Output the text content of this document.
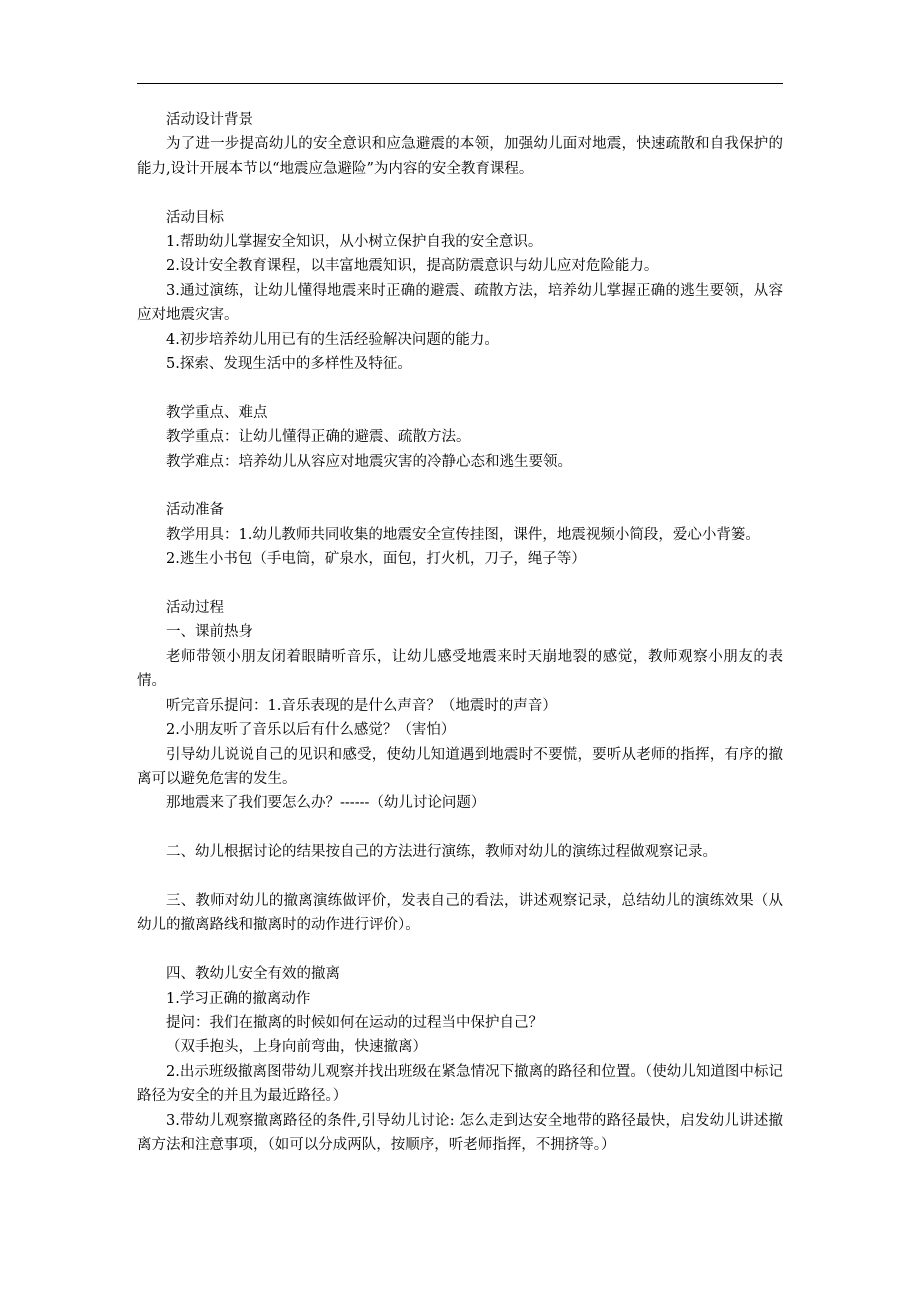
活动设计背景

为了进一步提高幼儿的安全意识和应急避震的本领，加强幼儿面对地震，快速疏散和自我保护的能力,设计开展本节以“地震应急避险”为内容的安全教育课程。

活动目标

1.帮助幼儿掌握安全知识，从小树立保护自我的安全意识。

2.设计安全教育课程，以丰富地震知识，提高防震意识与幼儿应对危险能力。

3.通过演练，让幼儿懂得地震来时正确的避震、疏散方法，培养幼儿掌握正确的逃生要领，从容应对地震灾害。

4.初步培养幼儿用已有的生活经验解决问题的能力。

5.探索、发现生活中的多样性及特征。

教学重点、难点

教学重点：让幼儿懂得正确的避震、疏散方法。

教学难点：培养幼儿从容应对地震灾害的冷静心态和逃生要领。

活动准备

教学用具：1.幼儿教师共同收集的地震安全宣传挂图，课件，地震视频小简段，爱心小背篓。

2.逃生小书包（手电筒，矿泉水，面包，打火机，刀子，绳子等）

活动过程

一、课前热身

老师带领小朋友闭着眼睛听音乐，让幼儿感受地震来时天崩地裂的感觉，教师观察小朋友的表情。

听完音乐提问：1.音乐表现的是什么声音？（地震时的声音）

2.小朋友听了音乐以后有什么感觉？（害怕）

引导幼儿说说自己的见识和感受，使幼儿知道遇到地震时不要慌，要听从老师的指挥，有序的撤离可以避免危害的发生。

那地震来了我们要怎么办？------（幼儿讨论问题）

二、幼儿根据讨论的结果按自己的方法进行演练，教师对幼儿的演练过程做观察记录。

三、教师对幼儿的撤离演练做评价，发表自己的看法，讲述观察记录，总结幼儿的演练效果（从幼儿的撤离路线和撤离时的动作进行评价）。

四、教幼儿安全有效的撤离

1.学习正确的撤离动作

提问：我们在撤离的时候如何在运动的过程当中保护自己？

（双手抱头，上身向前弯曲，快速撤离）

2.出示班级撤离图带幼儿观察并找出班级在紧急情况下撤离的路径和位置。（使幼儿知道图中标记路径为安全的并且为最近路径。）

3.带幼儿观察撤离路径的条件,引导幼儿讨论: 怎么走到达安全地带的路径最快，启发幼儿讲述撤离方法和注意事项，（如可以分成两队，按顺序，听老师指挥，不拥挤等。）
